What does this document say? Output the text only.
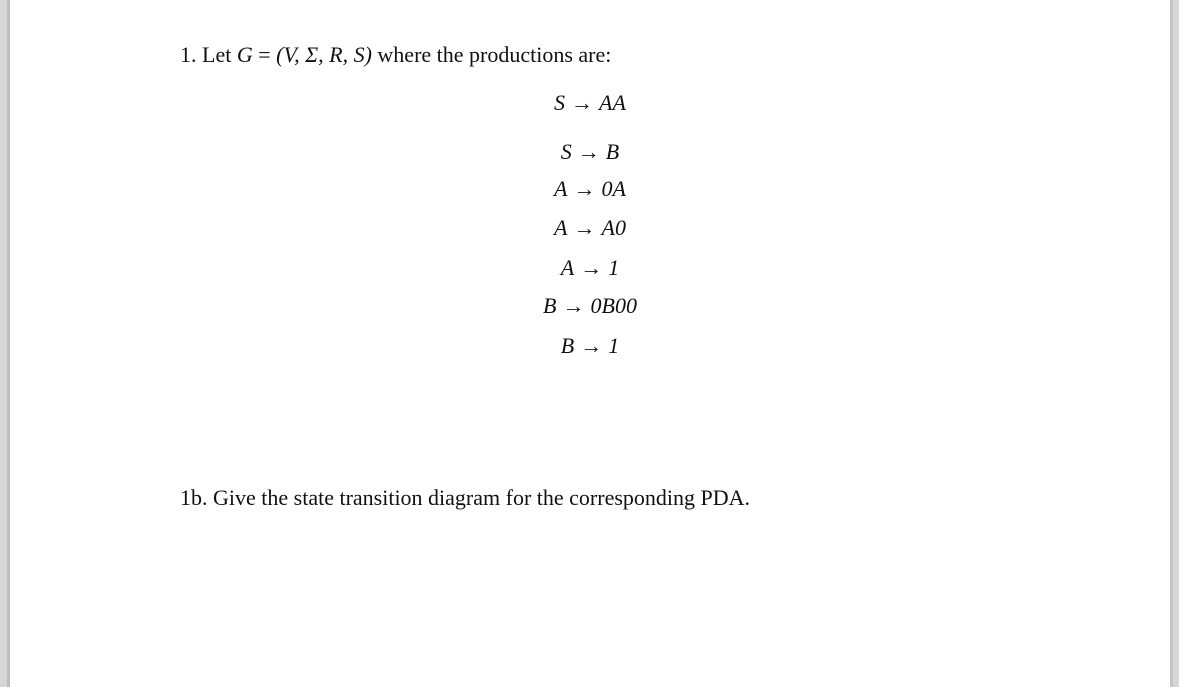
1. Let G = (V, Σ, R, S) where the productions are:
S → AA
S → B
A → 0A
A → A0
A → 1
B → 0B00
B → 1
1b. Give the state transition diagram for the corresponding PDA.
